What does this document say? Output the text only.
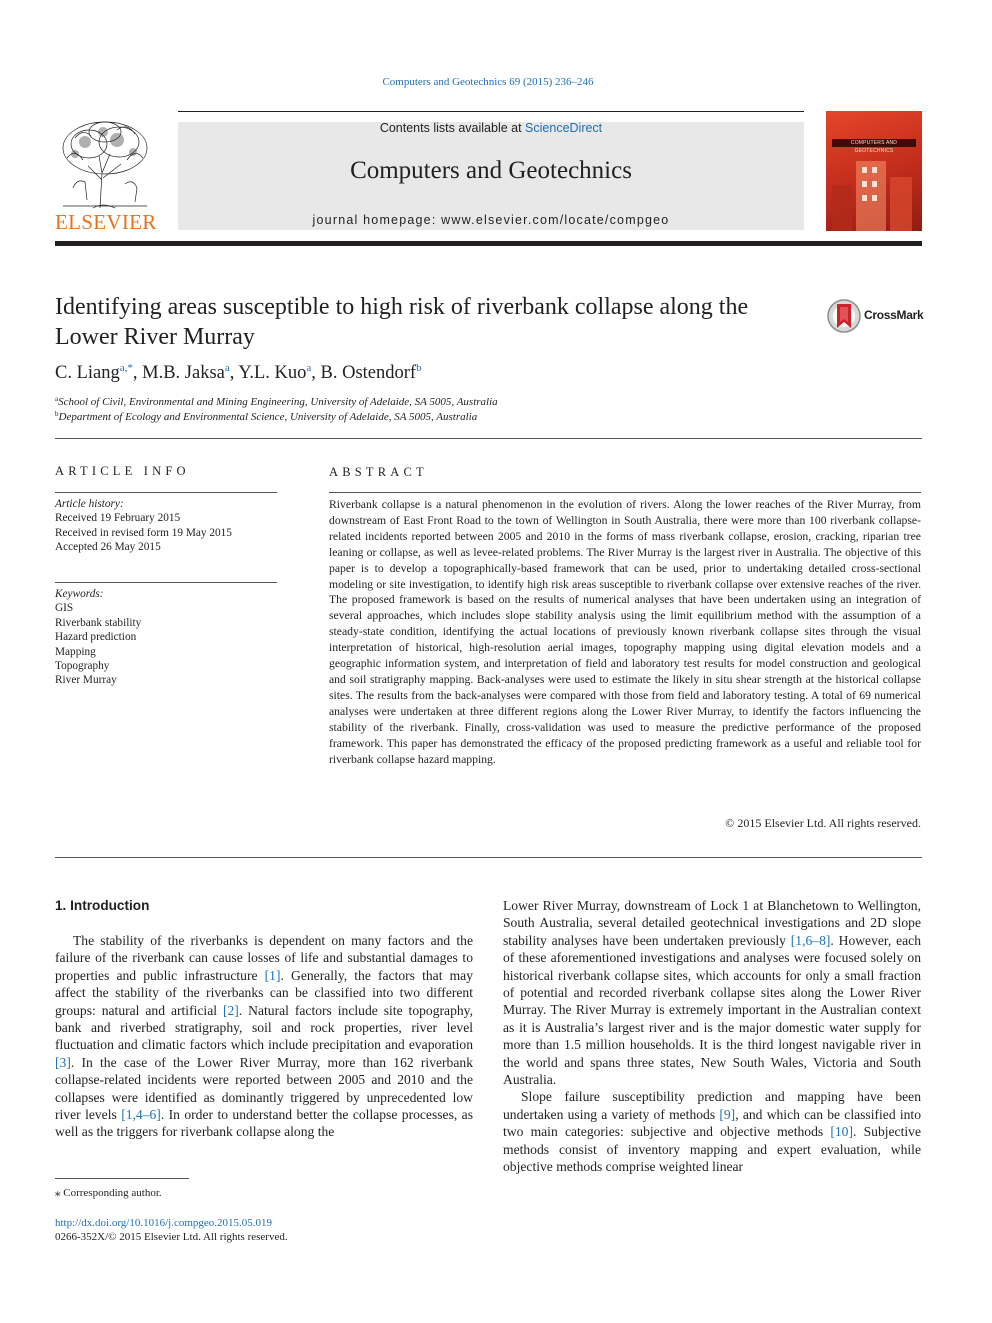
Computers and Geotechnics 69 (2015) 236–246
ELSEVIER
Contents lists available at ScienceDirect
Computers and Geotechnics
journal homepage: www.elsevier.com/locate/compgeo
COMPUTERS AND GEOTECHNICS
Identifying areas susceptible to high risk of riverbank collapse along the Lower River Murray
CrossMark
C. Liang$^{a,*}$, M.B. Jaksa$^a$, Y.L. Kuo$^a$, B. Ostendorf$^b$
$^a$School of Civil, Environmental and Mining Engineering, University of Adelaide, SA 5005, Australia
$^b$Department of Ecology and Environmental Science, University of Adelaide, SA 5005, Australia
ARTICLE INFO
Article history:
Received 19 February 2015
Received in revised form 19 May 2015
Accepted 26 May 2015
Keywords:
GIS
Riverbank stability
Hazard prediction
Mapping
Topography
River Murray
ABSTRACT
Riverbank collapse is a natural phenomenon in the evolution of rivers. Along the lower reaches of the River Murray, from downstream of East Front Road to the town of Wellington in South Australia, there were more than 100 riverbank collapse-related incidents reported between 2005 and 2010 in the forms of mass riverbank collapse, erosion, cracking, riparian tree leaning or collapse, as well as levee-related problems. The River Murray is the largest river in Australia. The objective of this paper is to develop a topographically-based framework that can be used, prior to undertaking detailed cross-sectional modeling or site investigation, to identify high risk areas susceptible to riverbank collapse over extensive reaches of the river. The proposed framework is based on the results of numerical analyses that have been undertaken using an integration of several approaches, which includes slope stability analysis using the limit equilibrium method with the assumption of a steady-state condition, identifying the actual locations of previously known riverbank collapse sites through the visual interpretation of historical, high-resolution aerial images, topography mapping using digital elevation models and a geographic information system, and interpretation of field and laboratory test results for model construction and geological and soil stratigraphy mapping. Back-analyses were used to estimate the likely in situ shear strength at the historical collapse sites. The results from the back-analyses were compared with those from field and laboratory testing. A total of 69 numerical analyses were undertaken at three different regions along the Lower River Murray, to identify the factors influencing the stability of the riverbank. Finally, cross-validation was used to measure the predictive performance of the proposed framework. This paper has demonstrated the efficacy of the proposed predicting framework as a useful and reliable tool for riverbank collapse hazard mapping.
© 2015 Elsevier Ltd. All rights reserved.
1. Introduction

The stability of the riverbanks is dependent on many factors and the failure of the riverbank can cause losses of life and substantial damages to properties and public infrastructure [1]. Generally, the factors that may affect the stability of the riverbanks can be classified into two different groups: natural and artificial [2]. Natural factors include site topography, bank and riverbed stratigraphy, soil and rock properties, river level fluctuation and climatic factors which include precipitation and evaporation [3]. In the case of the Lower River Murray, more than 162 riverbank collapse-related incidents were reported between 2005 and 2010 and the collapses were identified as dominantly triggered by unprecedented low river levels [1,4–6]. In order to understand better the collapse processes, as well as the triggers for riverbank collapse along the

Lower River Murray, downstream of Lock 1 at Blanchetown to Wellington, South Australia, several detailed geotechnical investigations and 2D slope stability analyses have been undertaken previously [1,6–8]. However, each of these aforementioned investigations and analyses were focused solely on historical riverbank collapse sites, which accounts for only a small fraction of potential and recorded riverbank collapse sites along the Lower River Murray. The River Murray is extremely important in the Australian context as it is Australia’s largest river and is the major domestic water supply for more than 1.5 million households. It is the third longest navigable river in the world and spans three states, New South Wales, Victoria and South Australia.

Slope failure susceptibility prediction and mapping have been undertaken using a variety of methods [9], and which can be classified into two main categories: subjective and objective methods [10]. Subjective methods consist of inventory mapping and expert evaluation, while objective methods comprise weighted linear

⁎ Corresponding author.
http://dx.doi.org/10.1016/j.compgeo.2015.05.019
0266-352X/© 2015 Elsevier Ltd. All rights reserved.
